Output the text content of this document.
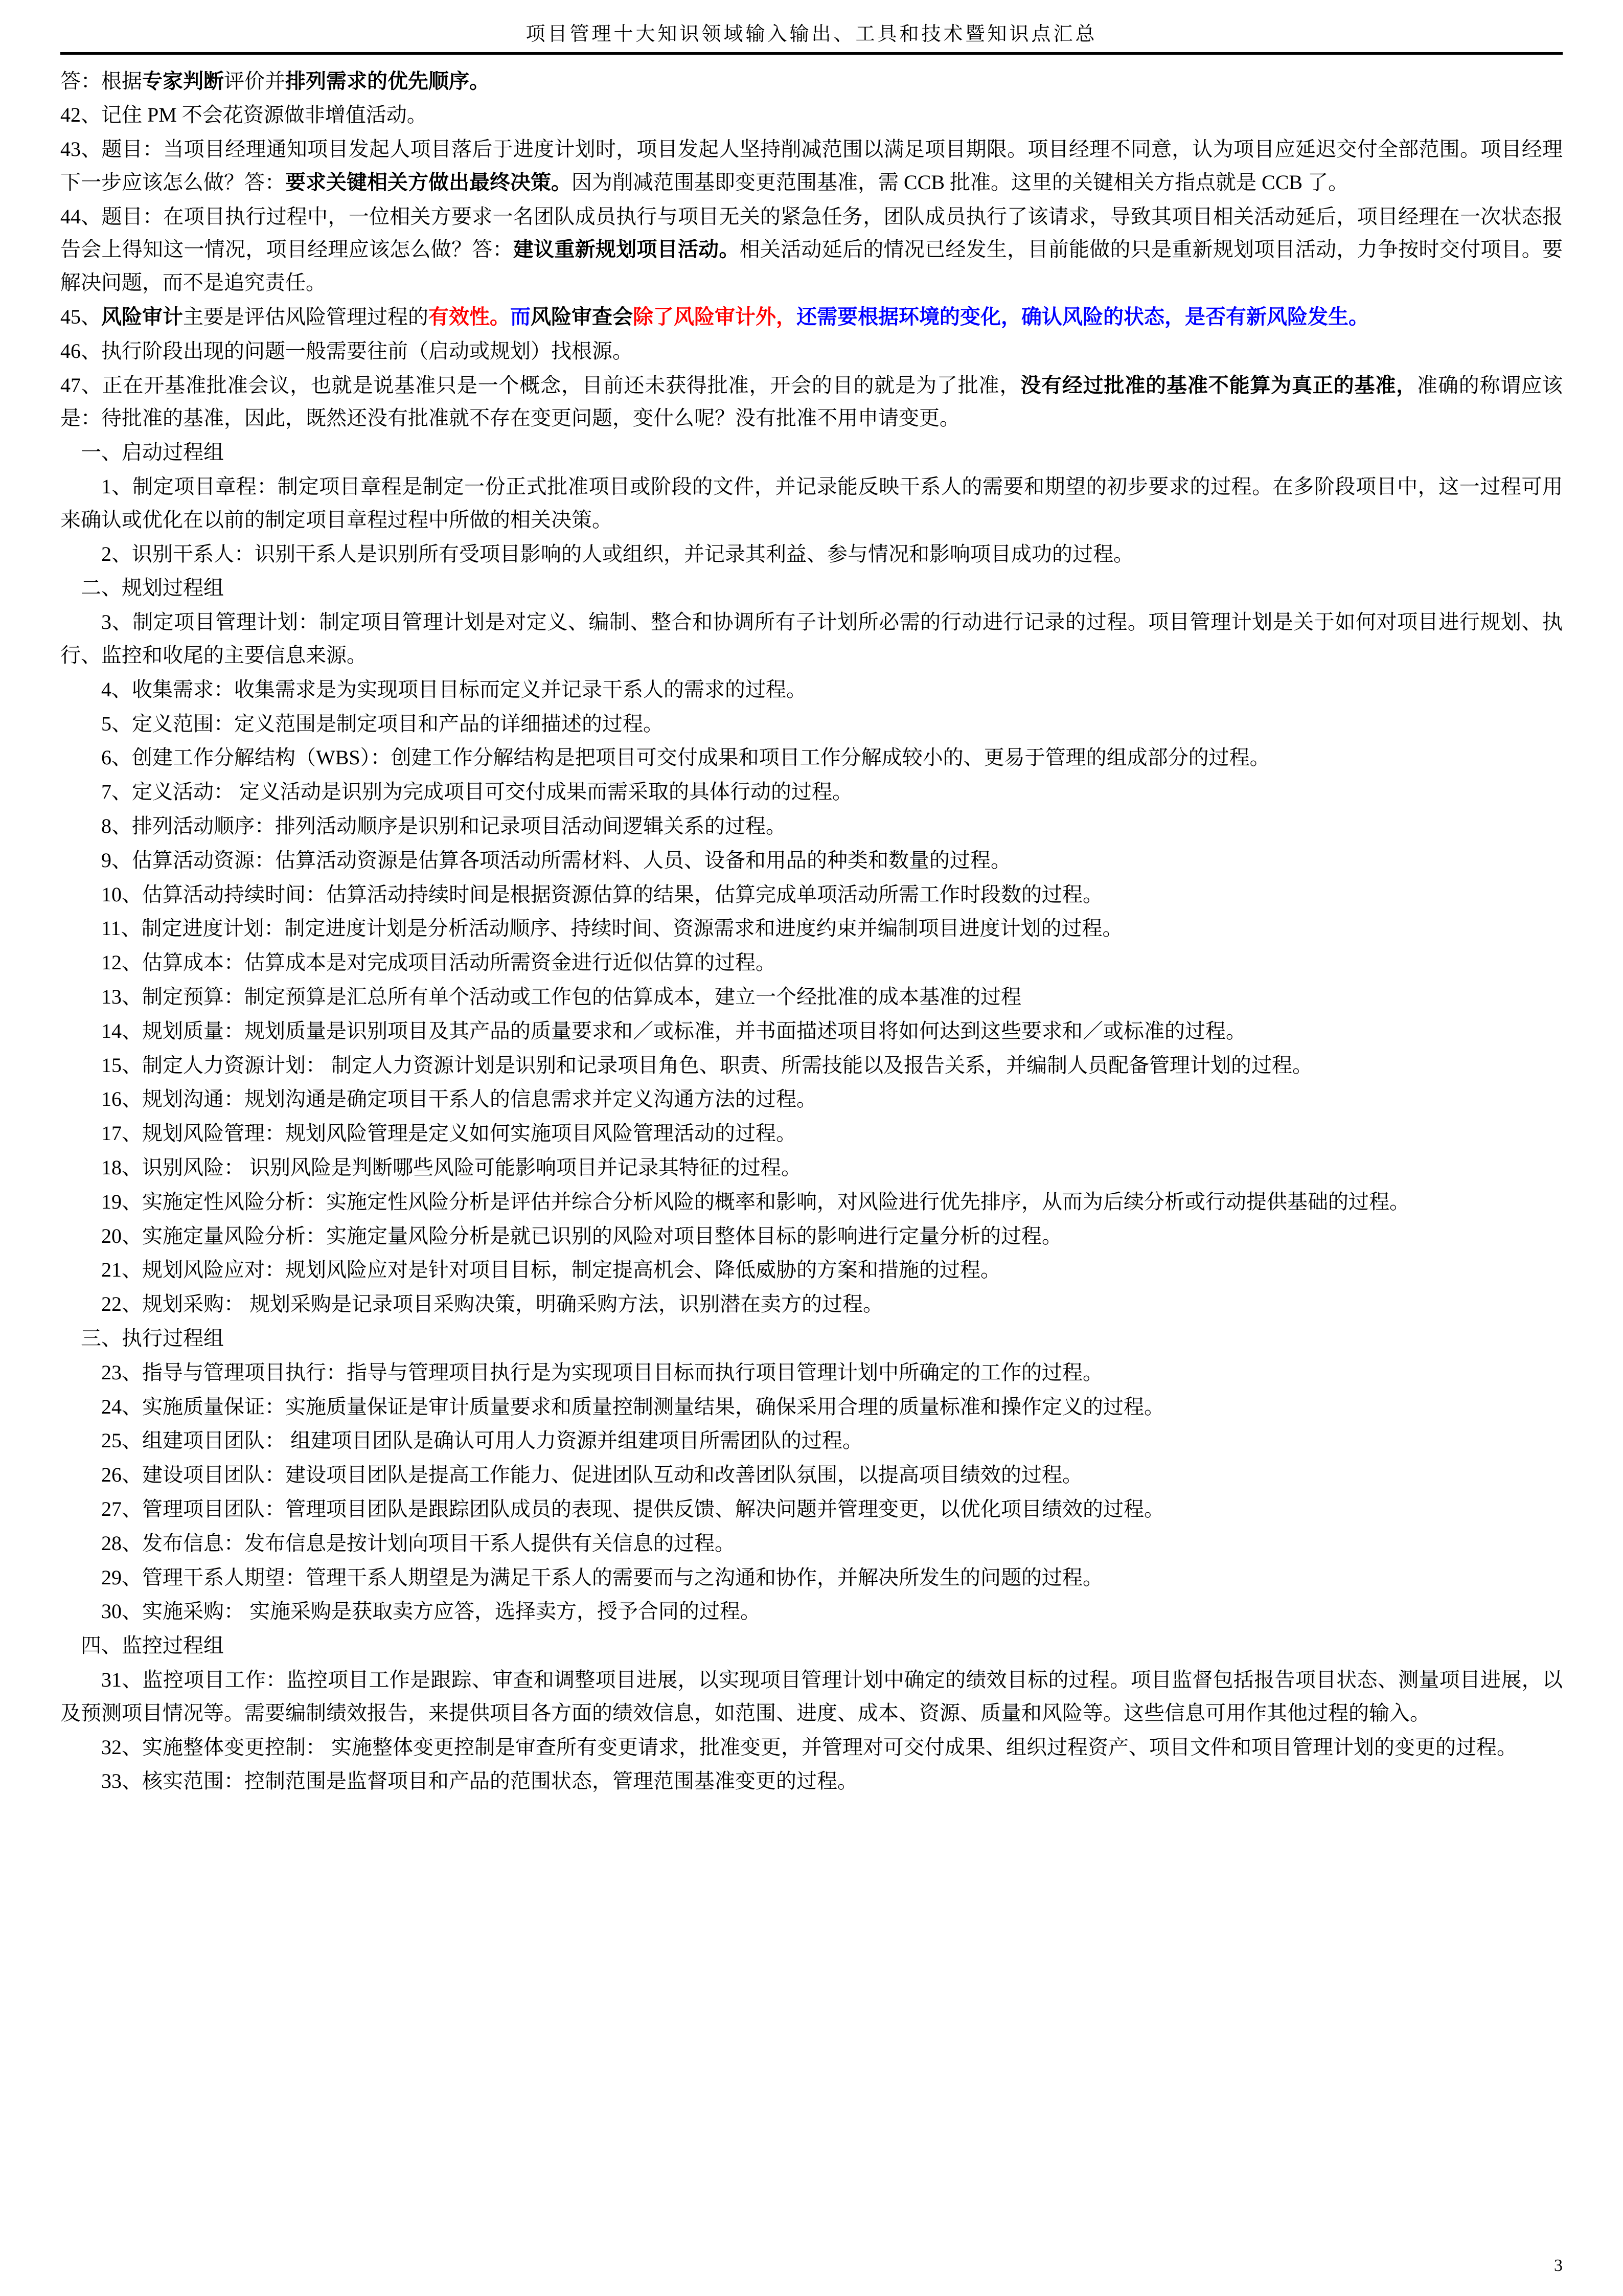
项目管理十大知识领域输入输出、工具和技术暨知识点汇总

答：根据专家判断评价并排列需求的优先顺序。

42、记住 PM 不会花资源做非增值活动。

43、题目：当项目经理通知项目发起人项目落后于进度计划时，项目发起人坚持削减范围以满足项目期限。项目经理不同意，认为项目应延迟交付全部范围。项目经理下一步应该怎么做？答：要求关键相关方做出最终决策。因为削减范围基即变更范围基准，需 CCB 批准。这里的关键相关方指点就是 CCB 了。

44、题目：在项目执行过程中，一位相关方要求一名团队成员执行与项目无关的紧急任务，团队成员执行了该请求，导致其项目相关活动延后，项目经理在一次状态报告会上得知这一情况，项目经理应该怎么做？答：建议重新规划项目活动。相关活动延后的情况已经发生，目前能做的只是重新规划项目活动，力争按时交付项目。要解决问题，而不是追究责任。

45、风险审计主要是评估风险管理过程的有效性。而风险审查会除了风险审计外，还需要根据环境的变化，确认风险的状态，是否有新风险发生。

46、执行阶段出现的问题一般需要往前（启动或规划）找根源。

47、正在开基准批准会议，也就是说基准只是一个概念，目前还未获得批准，开会的目的就是为了批准，没有经过批准的基准不能算为真正的基准，准确的称谓应该是：待批准的基准，因此，既然还没有批准就不存在变更问题，变什么呢？没有批准不用申请变更。

一、启动过程组

1、制定项目章程：制定项目章程是制定一份正式批准项目或阶段的文件，并记录能反映干系人的需要和期望的初步要求的过程。在多阶段项目中，这一过程可用来确认或优化在以前的制定项目章程过程中所做的相关决策。

2、识别干系人：识别干系人是识别所有受项目影响的人或组织，并记录其利益、参与情况和影响项目成功的过程。

二、规划过程组

3、制定项目管理计划：制定项目管理计划是对定义、编制、整合和协调所有子计划所必需的行动进行记录的过程。项目管理计划是关于如何对项目进行规划、执行、监控和收尾的主要信息来源。

4、收集需求：收集需求是为实现项目目标而定义并记录干系人的需求的过程。

5、定义范围：定义范围是制定项目和产品的详细描述的过程。

6、创建工作分解结构（WBS）：创建工作分解结构是把项目可交付成果和项目工作分解成较小的、更易于管理的组成部分的过程。

7、定义活动： 定义活动是识别为完成项目可交付成果而需采取的具体行动的过程。

8、排列活动顺序：排列活动顺序是识别和记录项目活动间逻辑关系的过程。

9、估算活动资源：估算活动资源是估算各项活动所需材料、人员、设备和用品的种类和数量的过程。

10、估算活动持续时间：估算活动持续时间是根据资源估算的结果，估算完成单项活动所需工作时段数的过程。

11、制定进度计划：制定进度计划是分析活动顺序、持续时间、资源需求和进度约束并编制项目进度计划的过程。

12、估算成本：估算成本是对完成项目活动所需资金进行近似估算的过程。

13、制定预算：制定预算是汇总所有单个活动或工作包的估算成本，建立一个经批准的成本基准的过程

14、规划质量：规划质量是识别项目及其产品的质量要求和／或标准，并书面描述项目将如何达到这些要求和／或标准的过程。

15、制定人力资源计划： 制定人力资源计划是识别和记录项目角色、职责、所需技能以及报告关系，并编制人员配备管理计划的过程。

16、规划沟通：规划沟通是确定项目干系人的信息需求并定义沟通方法的过程。

17、规划风险管理：规划风险管理是定义如何实施项目风险管理活动的过程。

18、识别风险： 识别风险是判断哪些风险可能影响项目并记录其特征的过程。

19、实施定性风险分析：实施定性风险分析是评估并综合分析风险的概率和影响，对风险进行优先排序，从而为后续分析或行动提供基础的过程。

20、实施定量风险分析：实施定量风险分析是就已识别的风险对项目整体目标的影响进行定量分析的过程。

21、规划风险应对：规划风险应对是针对项目目标，制定提高机会、降低威胁的方案和措施的过程。

22、规划采购： 规划采购是记录项目采购决策，明确采购方法，识别潜在卖方的过程。

三、执行过程组

23、指导与管理项目执行：指导与管理项目执行是为实现项目目标而执行项目管理计划中所确定的工作的过程。

24、实施质量保证：实施质量保证是审计质量要求和质量控制测量结果，确保采用合理的质量标准和操作定义的过程。

25、组建项目团队： 组建项目团队是确认可用人力资源并组建项目所需团队的过程。

26、建设项目团队：建设项目团队是提高工作能力、促进团队互动和改善团队氛围，以提高项目绩效的过程。

27、管理项目团队：管理项目团队是跟踪团队成员的表现、提供反馈、解决问题并管理变更，以优化项目绩效的过程。

28、发布信息：发布信息是按计划向项目干系人提供有关信息的过程。

29、管理干系人期望：管理干系人期望是为满足干系人的需要而与之沟通和协作，并解决所发生的问题的过程。

30、实施采购： 实施采购是获取卖方应答，选择卖方，授予合同的过程。

四、监控过程组

31、监控项目工作：监控项目工作是跟踪、审查和调整项目进展，以实现项目管理计划中确定的绩效目标的过程。项目监督包括报告项目状态、测量项目进展，以及预测项目情况等。需要编制绩效报告，来提供项目各方面的绩效信息，如范围、进度、成本、资源、质量和风险等。这些信息可用作其他过程的输入。

32、实施整体变更控制： 实施整体变更控制是审查所有变更请求，批准变更，并管理对可交付成果、组织过程资产、项目文件和项目管理计划的变更的过程。

33、核实范围：控制范围是监督项目和产品的范围状态，管理范围基准变更的过程。

3
